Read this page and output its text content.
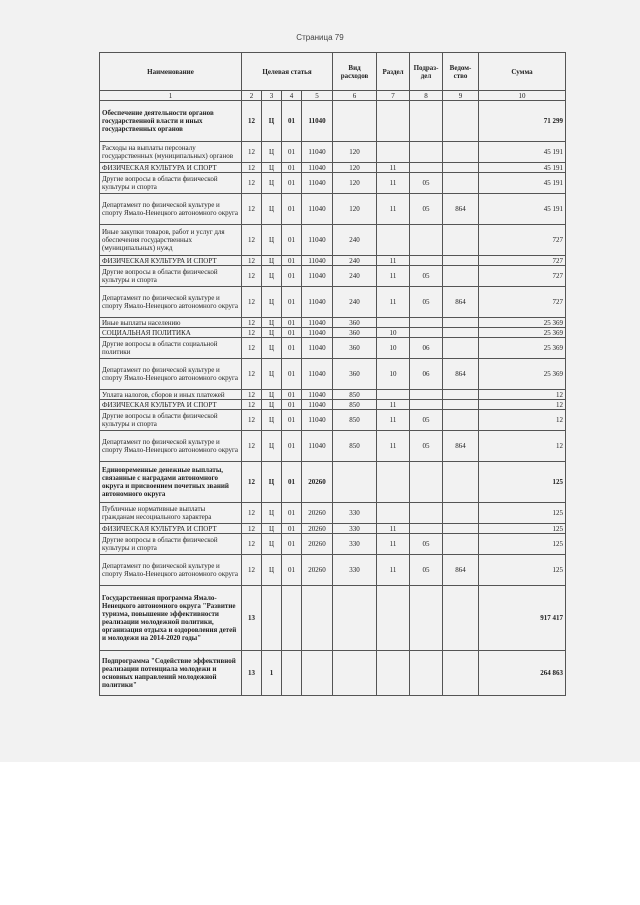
Страница 79
Наименование	Целевая статья				Вид расходов	Раздел	Подраз-дел	Ведом-ство	Сумма
1	2	3	4	5	6	7	8	9	10
Обеспечение деятельности органов государственной власти и иных государственных органов	12	Ц	01	11040					71 299
Расходы на выплаты персоналу государственных (муниципальных) органов	12	Ц	01	11040	120				45 191
ФИЗИЧЕСКАЯ КУЛЬТУРА И СПОРТ	12	Ц	01	11040	120	11			45 191
Другие вопросы в области физической культуры и спорта	12	Ц	01	11040	120	11	05		45 191
Департамент по физической культуре и спорту Ямало-Ненецкого автономного округа	12	Ц	01	11040	120	11	05	864	45 191
Иные закупки товаров, работ и услуг для обеспечения государственных (муниципальных) нужд	12	Ц	01	11040	240				727
ФИЗИЧЕСКАЯ КУЛЬТУРА И СПОРТ	12	Ц	01	11040	240	11			727
Другие вопросы в области физической культуры и спорта	12	Ц	01	11040	240	11	05		727
Департамент по физической культуре и спорту Ямало-Ненецкого автономного округа	12	Ц	01	11040	240	11	05	864	727
Иные выплаты населению	12	Ц	01	11040	360				25 369
СОЦИАЛЬНАЯ ПОЛИТИКА	12	Ц	01	11040	360	10			25 369
Другие вопросы в области социальной политики	12	Ц	01	11040	360	10	06		25 369
Департамент по физической культуре и спорту Ямало-Ненецкого автономного округа	12	Ц	01	11040	360	10	06	864	25 369
Уплата налогов, сборов и иных платежей	12	Ц	01	11040	850				12
ФИЗИЧЕСКАЯ КУЛЬТУРА И СПОРТ	12	Ц	01	11040	850	11			12
Другие вопросы в области физической культуры и спорта	12	Ц	01	11040	850	11	05		12
Департамент по физической культуре и спорту Ямало-Ненецкого автономного округа	12	Ц	01	11040	850	11	05	864	12
Единовременные денежные выплаты, связанные с наградами автономного округа и присвоением почетных званий автономного округа	12	Ц	01	20260					125
Публичные нормативные выплаты гражданам несоциального характера	12	Ц	01	20260	330				125
ФИЗИЧЕСКАЯ КУЛЬТУРА И СПОРТ	12	Ц	01	20260	330	11			125
Другие вопросы в области физической культуры и спорта	12	Ц	01	20260	330	11	05		125
Департамент по физической культуре и спорту Ямало-Ненецкого автономного округа	12	Ц	01	20260	330	11	05	864	125
Государственная программа Ямало-Ненецкого автономного округа "Развитие туризма, повышение эффективности реализации молодежной политики, организация отдыха и оздоровления детей и молодежи на 2014-2020 годы"	13								917 417
Подпрограмма "Содействие эффективной реализации потенциала молодежи и основных направлений молодежной политики"	13	1							264 863
